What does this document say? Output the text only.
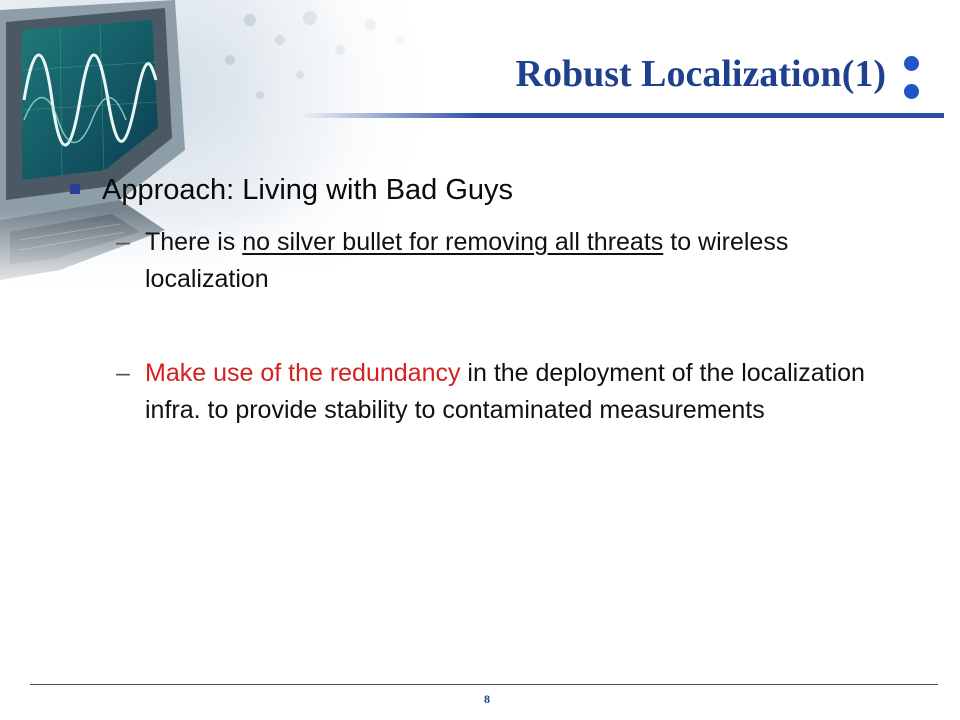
Robust Localization(1)
Approach: Living with Bad Guys
– There is no silver bullet for removing all threats to wireless localization
– Make use of the redundancy in the deployment of the localization infra. to provide stability to contaminated measurements
8
